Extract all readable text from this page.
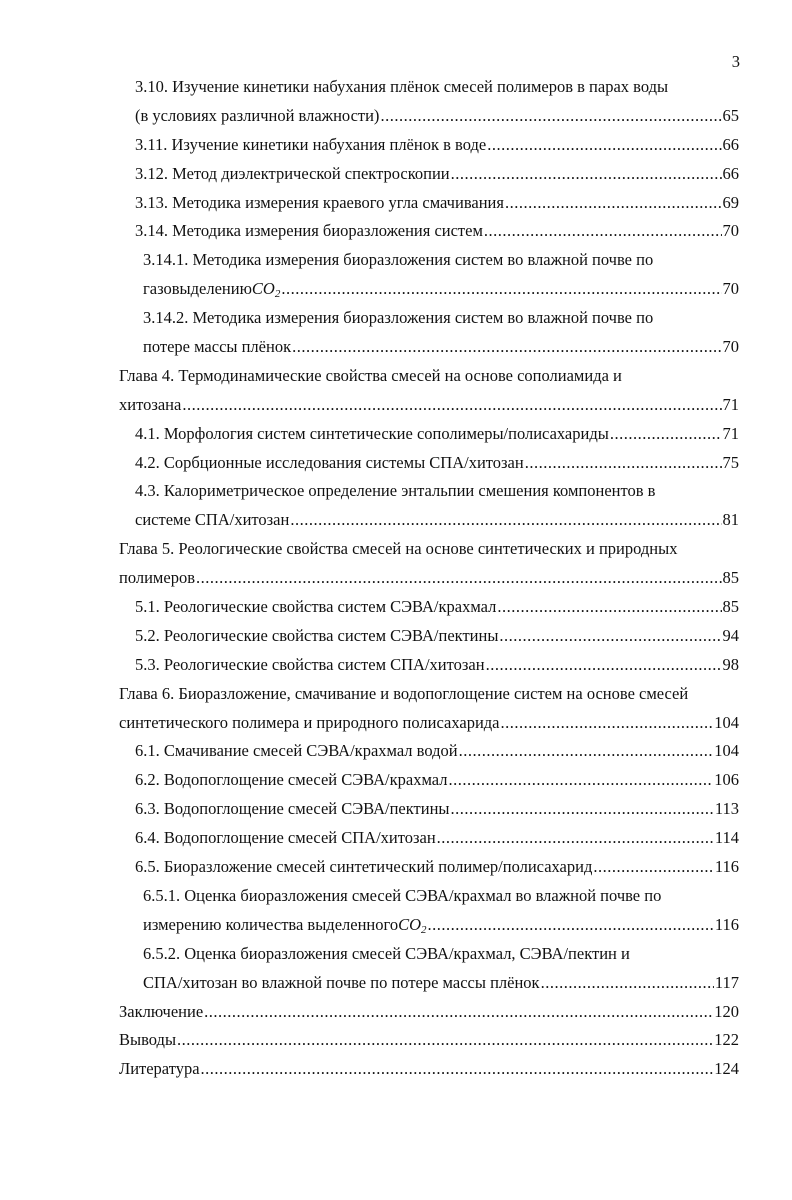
3
3.10. Изучение кинетики набухания плёнок смесей полимеров в парах воды
(в условиях различной влажности) .....	65
3.11. Изучение кинетики набухания плёнок в воде .....	66
3.12. Метод диэлектрической спектроскопии .....	66
3.13. Методика измерения краевого угла смачивания .....	69
3.14. Методика измерения биоразложения систем .....	70
3.14.1. Методика измерения биоразложения систем во влажной почве по
газовыделению $CO_2$ .....	70
3.14.2. Методика измерения биоразложения систем во влажной почве по
потере массы плёнок .....	70
Глава 4. Термодинамические свойства смесей на основе сополиамида и
хитозана .....	71
4.1. Морфология систем синтетические сополимеры/полисахариды .....	71
4.2. Сорбционные исследования системы СПА/хитозан .....	75
4.3. Калориметрическое определение энтальпии смешения компонентов в
системе СПА/хитозан .....	81
Глава 5. Реологические свойства смесей на основе синтетических и природных
полимеров .....	85
5.1. Реологические свойства систем СЭВА/крахмал .....	85
5.2. Реологические свойства систем СЭВА/пектины .....	94
5.3. Реологические свойства систем СПА/хитозан .....	98
Глава 6. Биоразложение, смачивание и водопоглощение систем на основе смесей
синтетического полимера и природного полисахарида .....	104
6.1. Смачивание смесей СЭВА/крахмал водой .....	104
6.2. Водопоглощение смесей СЭВА/крахмал .....	106
6.3. Водопоглощение смесей СЭВА/пектины .....	113
6.4. Водопоглощение смесей СПА/хитозан .....	114
6.5. Биоразложение смесей синтетический полимер/полисахарид .....	116
6.5.1. Оценка биоразложения смесей СЭВА/крахмал во влажной почве по
измерению количества выделенного $CO_2$ .....	116
6.5.2. Оценка биоразложения смесей СЭВА/крахмал, СЭВА/пектин и
СПА/хитозан во влажной почве по потере массы плёнок .....	117
Заключение .....	120
Выводы .....	122
Литература .....	124
